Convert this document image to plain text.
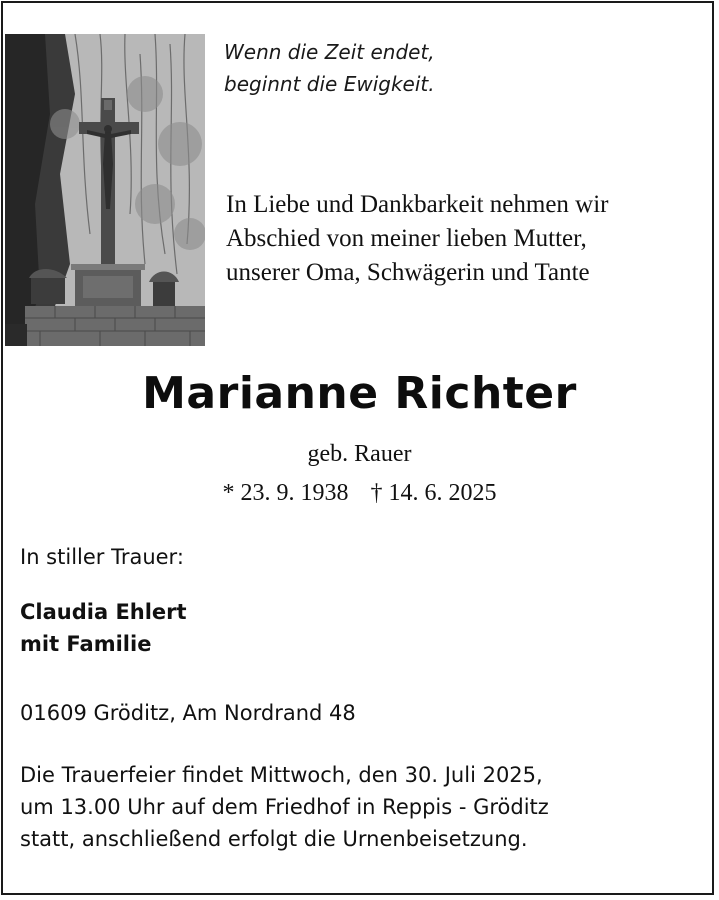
Wenn die Zeit endet,
beginnt die Ewigkeit.
In Liebe und Dankbarkeit nehmen wir
Abschied von meiner lieben Mutter,
unserer Oma, Schwägerin und Tante
Marianne Richter
geb. Rauer
* 23. 9. 1938 † 14. 6. 2025
In stiller Trauer:
Claudia Ehlert
mit Familie
01609 Gröditz, Am Nordrand 48
Die Trauerfeier findet Mittwoch, den 30. Juli 2025,
um 13.00 Uhr auf dem Friedhof in Reppis - Gröditz
statt, anschließend erfolgt die Urnenbeisetzung.
